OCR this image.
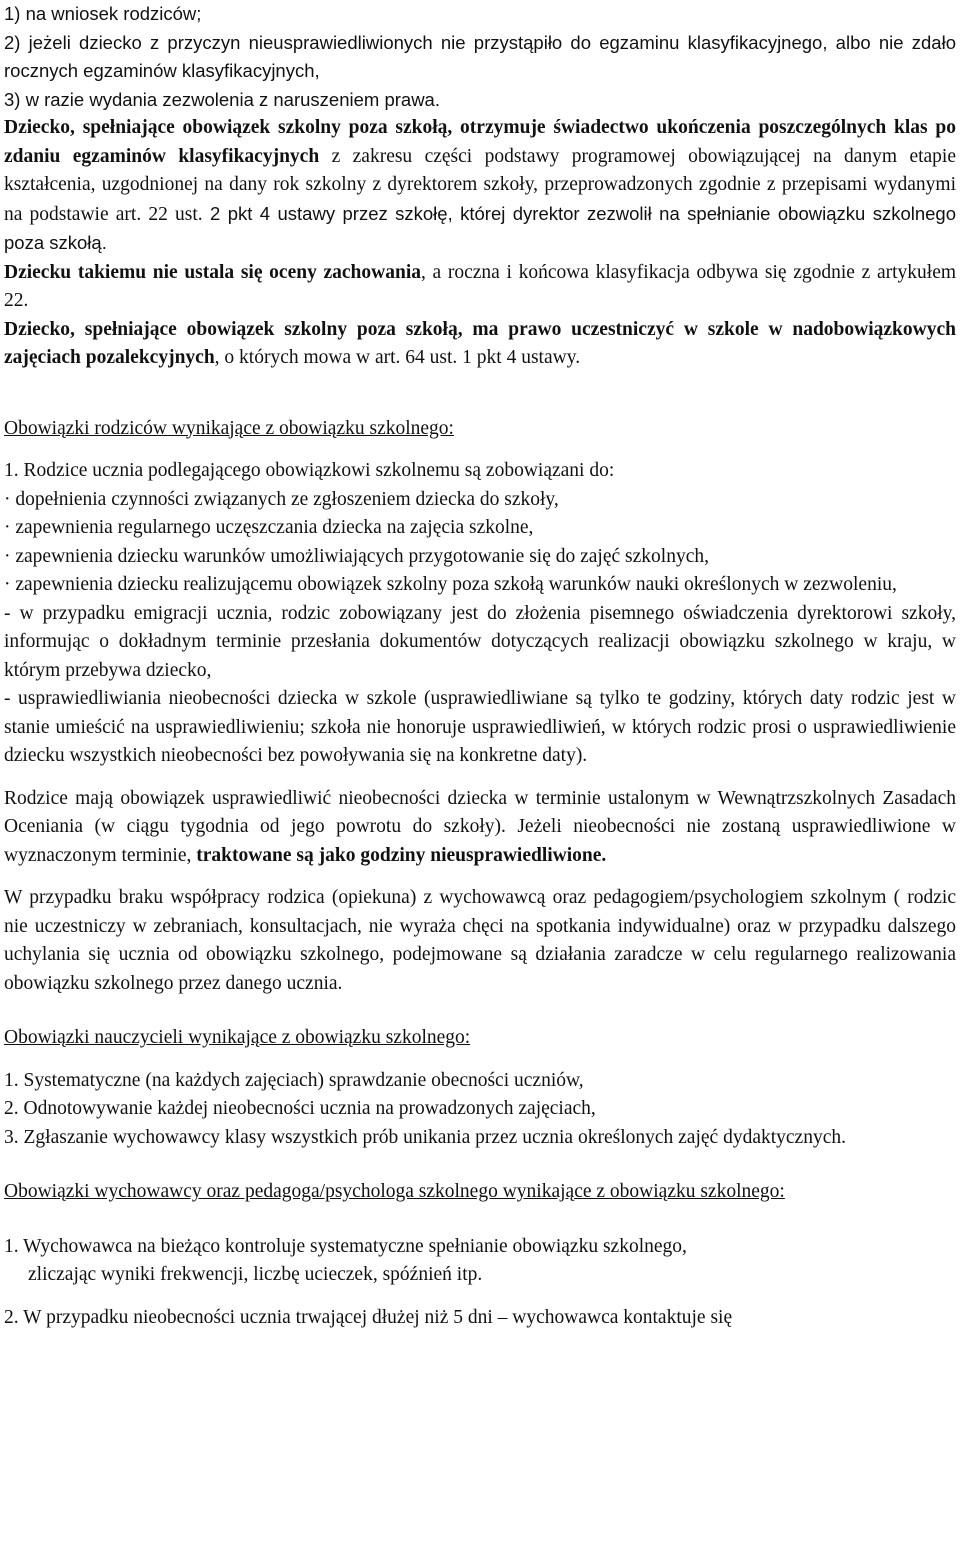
1) na wniosek rodziców;
2) jeżeli dziecko z przyczyn nieusprawiedliwionych nie przystąpiło do egzaminu klasyfikacyjnego, albo nie zdało rocznych egzaminów klasyfikacyjnych,
3) w razie wydania zezwolenia z naruszeniem prawa.

Dziecko, spełniające obowiązek szkolny poza szkołą, otrzymuje świadectwo ukończenia poszczególnych klas po zdaniu egzaminów klasyfikacyjnych z zakresu części podstawy programowej obowiązującej na danym etapie kształcenia, uzgodnionej na dany rok szkolny z dyrektorem szkoły, przeprowadzonych zgodnie z przepisami wydanymi na podstawie art. 22 ust. 2 pkt 4 ustawy przez szkołę, której dyrektor zezwolił na spełnianie obowiązku szkolnego poza szkołą.

Dziecku takiemu nie ustala się oceny zachowania, a roczna i końcowa klasyfikacja odbywa się zgodnie z artykułem 22.

Dziecko, spełniające obowiązek szkolny poza szkołą, ma prawo uczestniczyć w szkole w nadobowiązkowych zajęciach pozalekcyjnych, o których mowa w art. 64 ust. 1 pkt 4 ustawy.

Obowiązki rodziców wynikające z obowiązku szkolnego:

1. Rodzice ucznia podlegającego obowiązkowi szkolnemu są zobowiązani do:
· dopełnienia czynności związanych ze zgłoszeniem dziecka do szkoły,
· zapewnienia regularnego uczęszczania dziecka na zajęcia szkolne,
· zapewnienia dziecku warunków umożliwiających przygotowanie się do zajęć szkolnych,
· zapewnienia dziecku realizującemu obowiązek szkolny poza szkołą warunków nauki określonych w zezwoleniu,
- w przypadku emigracji ucznia, rodzic zobowiązany jest do złożenia pisemnego oświadczenia dyrektorowi szkoły, informując o dokładnym terminie przesłania dokumentów dotyczących realizacji obowiązku szkolnego w kraju, w którym przebywa dziecko,
- usprawiedliwiania nieobecności dziecka w szkole (usprawiedliwiane są tylko te godziny, których daty rodzic jest w stanie umieścić na usprawiedliwieniu; szkoła nie honoruje usprawiedliwień, w których rodzic prosi o usprawiedliwienie dziecku wszystkich nieobecności bez powoływania się na konkretne daty).

Rodzice mają obowiązek usprawiedliwić nieobecności dziecka w terminie ustalonym w Wewnątrzszkolnych Zasadach Oceniania (w ciągu tygodnia od jego powrotu do szkoły). Jeżeli nieobecności nie zostaną usprawiedliwione w wyznaczonym terminie, traktowane są jako godziny nieusprawiedliwione.

W przypadku braku współpracy rodzica (opiekuna) z wychowawcą oraz pedagogiem/psychologiem szkolnym ( rodzic nie uczestniczy w zebraniach, konsultacjach, nie wyraża chęci na spotkania indywidualne) oraz w przypadku dalszego uchylania się ucznia od obowiązku szkolnego, podejmowane są działania zaradcze w celu regularnego realizowania obowiązku szkolnego przez danego ucznia.

Obowiązki nauczycieli wynikające z obowiązku szkolnego:

1. Systematyczne (na każdych zajęciach) sprawdzanie obecności uczniów,
2. Odnotowywanie każdej nieobecności ucznia na prowadzonych zajęciach,
3. Zgłaszanie wychowawcy klasy wszystkich prób unikania przez ucznia określonych zajęć dydaktycznych.

Obowiązki wychowawcy oraz pedagoga/psychologa szkolnego wynikające z obowiązku szkolnego:

1. Wychowawca na bieżąco kontroluje systematyczne spełnianie obowiązku szkolnego,
zliczając wyniki frekwencji, liczbę ucieczek, spóźnień itp.
2. W przypadku nieobecności ucznia trwającej dłużej niż 5 dni – wychowawca kontaktuje się
